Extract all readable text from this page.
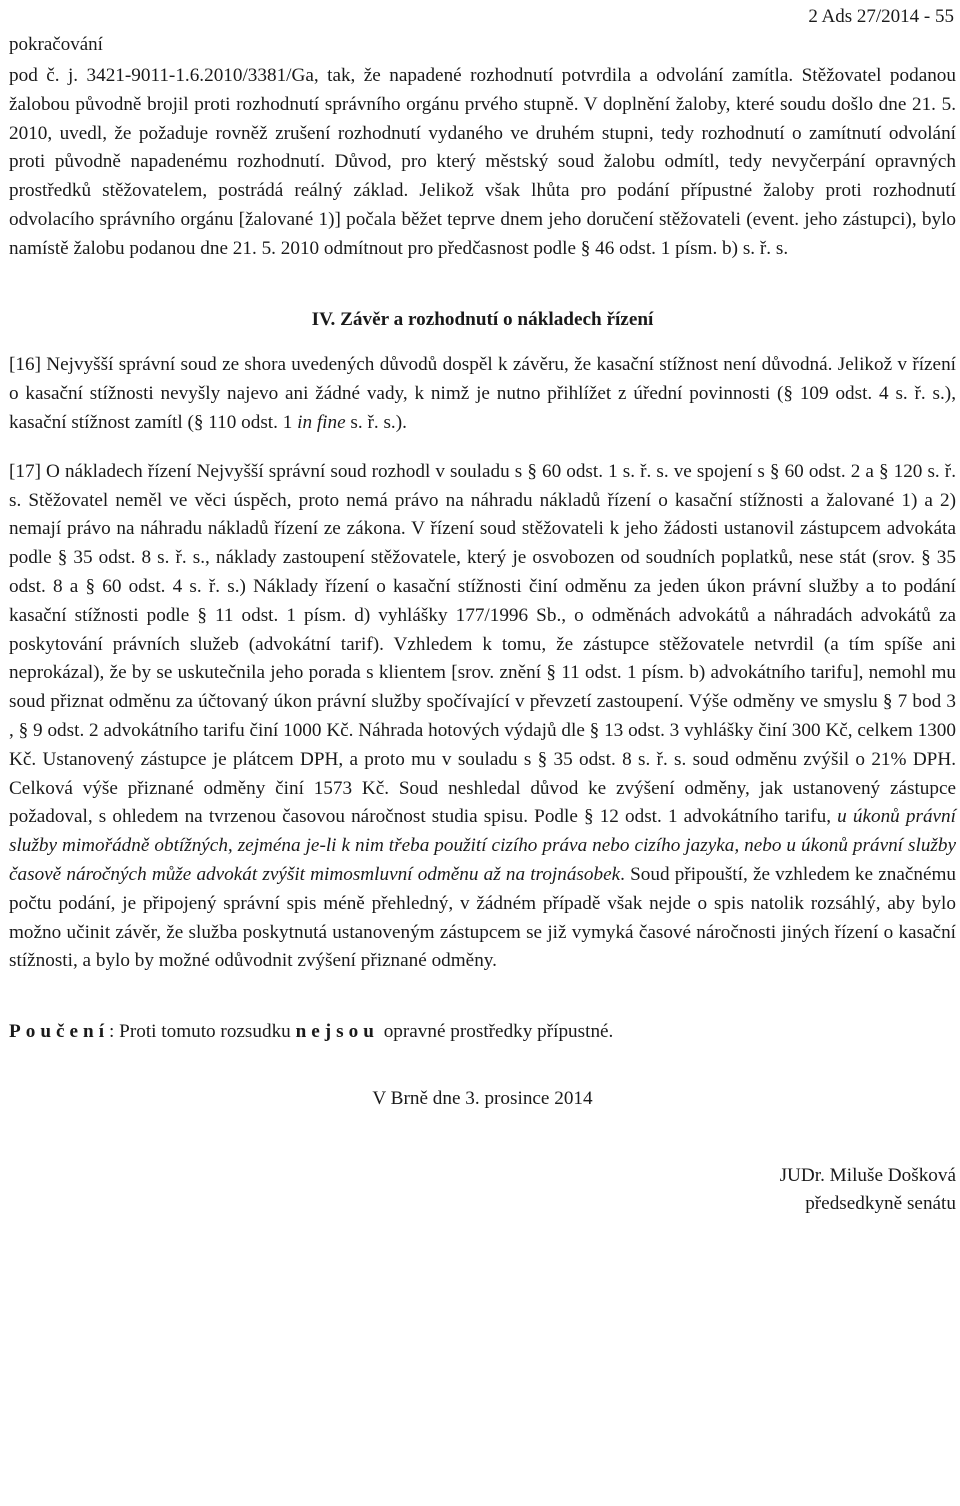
pokračování
2 Ads 27/2014 - 55

pod č. j. 3421-9011-1.6.2010/3381/Ga, tak, že napadené rozhodnutí potvrdila a odvolání zamítla. Stěžovatel podanou žalobou původně brojil proti rozhodnutí správního orgánu prvého stupně. V doplnění žaloby, které soudu došlo dne 21. 5. 2010, uvedl, že požaduje rovněž zrušení rozhodnutí vydaného ve druhém stupni, tedy rozhodnutí o zamítnutí odvolání proti původně napadenému rozhodnutí. Důvod, pro který městský soud žalobu odmítl, tedy nevyčerpání opravných prostředků stěžovatelem, postrádá reálný základ. Jelikož však lhůta pro podání přípustné žaloby proti rozhodnutí odvolacího správního orgánu [žalované 1)] počala běžet teprve dnem jeho doručení stěžovateli (event. jeho zástupci), bylo namístě žalobu podanou dne 21. 5. 2010 odmítnout pro předčasnost podle § 46 odst. 1 písm. b) s. ř. s.

IV. Závěr a rozhodnutí o nákladech řízení

[16] Nejvyšší správní soud ze shora uvedených důvodů dospěl k závěru, že kasační stížnost není důvodná. Jelikož v řízení o kasační stížnosti nevyšly najevo ani žádné vady, k nimž je nutno přihlížet z úřední povinnosti (§ 109 odst. 4 s. ř. s.), kasační stížnost zamítl (§ 110 odst. 1 in fine s. ř. s.).

[17] O nákladech řízení Nejvyšší správní soud rozhodl v souladu s § 60 odst. 1 s. ř. s. ve spojení s § 60 odst. 2 a § 120 s. ř. s. Stěžovatel neměl ve věci úspěch, proto nemá právo na náhradu nákladů řízení o kasační stížnosti a žalované 1) a 2) nemají právo na náhradu nákladů řízení ze zákona. V řízení soud stěžovateli k jeho žádosti ustanovil zástupcem advokáta podle § 35 odst. 8 s. ř. s., náklady zastoupení stěžovatele, který je osvobozen od soudních poplatků, nese stát (srov. § 35 odst. 8 a § 60 odst. 4 s. ř. s.) Náklady řízení o kasační stížnosti činí odměnu za jeden úkon právní služby a to podání kasační stížnosti podle § 11 odst. 1 písm. d) vyhlášky 177/1996 Sb., o odměnách advokátů a náhradách advokátů za poskytování právních služeb (advokátní tarif). Vzhledem k tomu, že zástupce stěžovatele netvrdil (a tím spíše ani neprokázal), že by se uskutečnila jeho porada s klientem [srov. znění § 11 odst. 1 písm. b) advokátního tarifu], nemohl mu soud přiznat odměnu za účtovaný úkon právní služby spočívající v převzetí zastoupení. Výše odměny ve smyslu § 7 bod 3 , § 9 odst. 2 advokátního tarifu činí 1000 Kč. Náhrada hotových výdajů dle § 13 odst. 3 vyhlášky činí 300 Kč, celkem 1300 Kč. Ustanovený zástupce je plátcem DPH, a proto mu v souladu s § 35 odst. 8 s. ř. s. soud odměnu zvýšil o 21% DPH. Celková výše přiznané odměny činí 1573 Kč. Soud neshledal důvod ke zvýšení odměny, jak ustanovený zástupce požadoval, s ohledem na tvrzenou časovou náročnost studia spisu. Podle § 12 odst. 1 advokátního tarifu, u úkonů právní služby mimořádně obtížných, zejména je-li k nim třeba použití cizího práva nebo cizího jazyka, nebo u úkonů právní služby časově náročných může advokát zvýšit mimosmluvní odměnu až na trojnásobek. Soud připouští, že vzhledem ke značnému počtu podání, je připojený správní spis méně přehledný, v žádném případě však nejde o spis natolik rozsáhlý, aby bylo možno učinit závěr, že služba poskytnutá ustanoveným zástupcem se již vymyká časové náročnosti jiných řízení o kasační stížnosti, a bylo by možné odůvodnit zvýšení přiznané odměny.

Poučení: Proti tomuto rozsudku nejsou opravné prostředky přípustné.

V Brně dne 3. prosince 2014

JUDr. Miluše Došková
předsedkyně senátu
